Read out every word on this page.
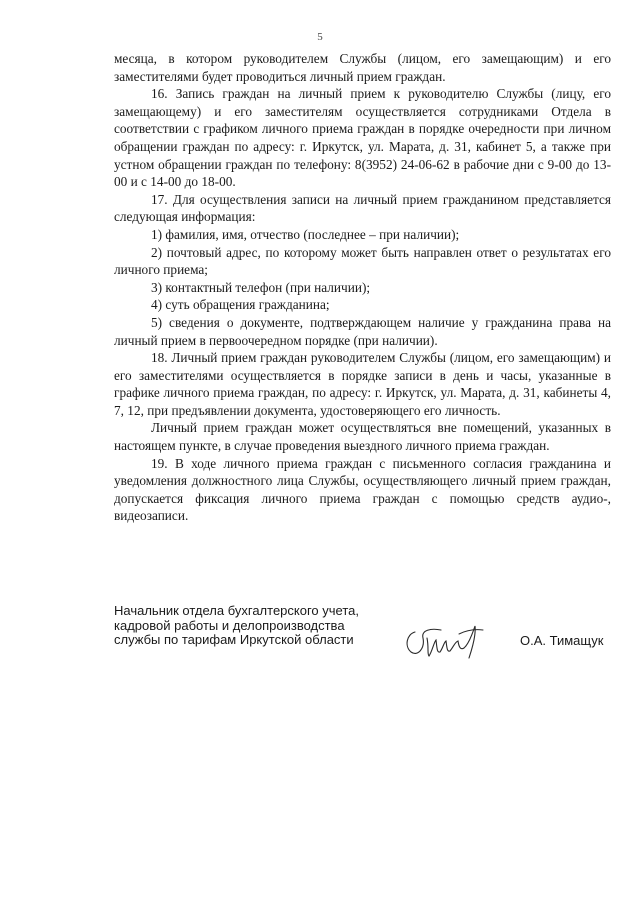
5

месяца, в котором руководителем Службы (лицом, его замещающим) и его заместителями будет проводиться личный прием граждан.

16. Запись граждан на личный прием к руководителю Службы (лицу, его замещающему) и его заместителям осуществляется сотрудниками Отдела в соответствии с графиком личного приема граждан в порядке очередности при личном обращении граждан по адресу: г. Иркутск, ул. Марата, д. 31, кабинет 5, а также при устном обращении граждан по телефону: 8(3952) 24-06-62 в рабочие дни с 9-00 до 13-00 и с 14-00 до 18-00.

17. Для осуществления записи на личный прием гражданином представляется следующая информация:

1) фамилия, имя, отчество (последнее – при наличии);

2) почтовый адрес, по которому может быть направлен ответ о результатах его личного приема;

3) контактный телефон (при наличии);

4) суть обращения гражданина;

5) сведения о документе, подтверждающем наличие у гражданина права на личный прием в первоочередном порядке (при наличии).

18. Личный прием граждан руководителем Службы (лицом, его замещающим) и его заместителями осуществляется в порядке записи в день и часы, указанные в графике личного приема граждан, по адресу: г. Иркутск, ул. Марата, д. 31, кабинеты 4, 7, 12, при предъявлении документа, удостоверяющего его личность.

Личный прием граждан может осуществляться вне помещений, указанных в настоящем пункте, в случае проведения выездного личного приема граждан.

19. В ходе личного приема граждан с письменного согласия гражданина и уведомления должностного лица Службы, осуществляющего личный прием граждан, допускается фиксация личного приема граждан с помощью средств аудио-, видеозаписи.

Начальник отдела бухгалтерского учета,
кадровой работы и делопроизводства
службы по тарифам Иркутской области	О.А. Тимащук
